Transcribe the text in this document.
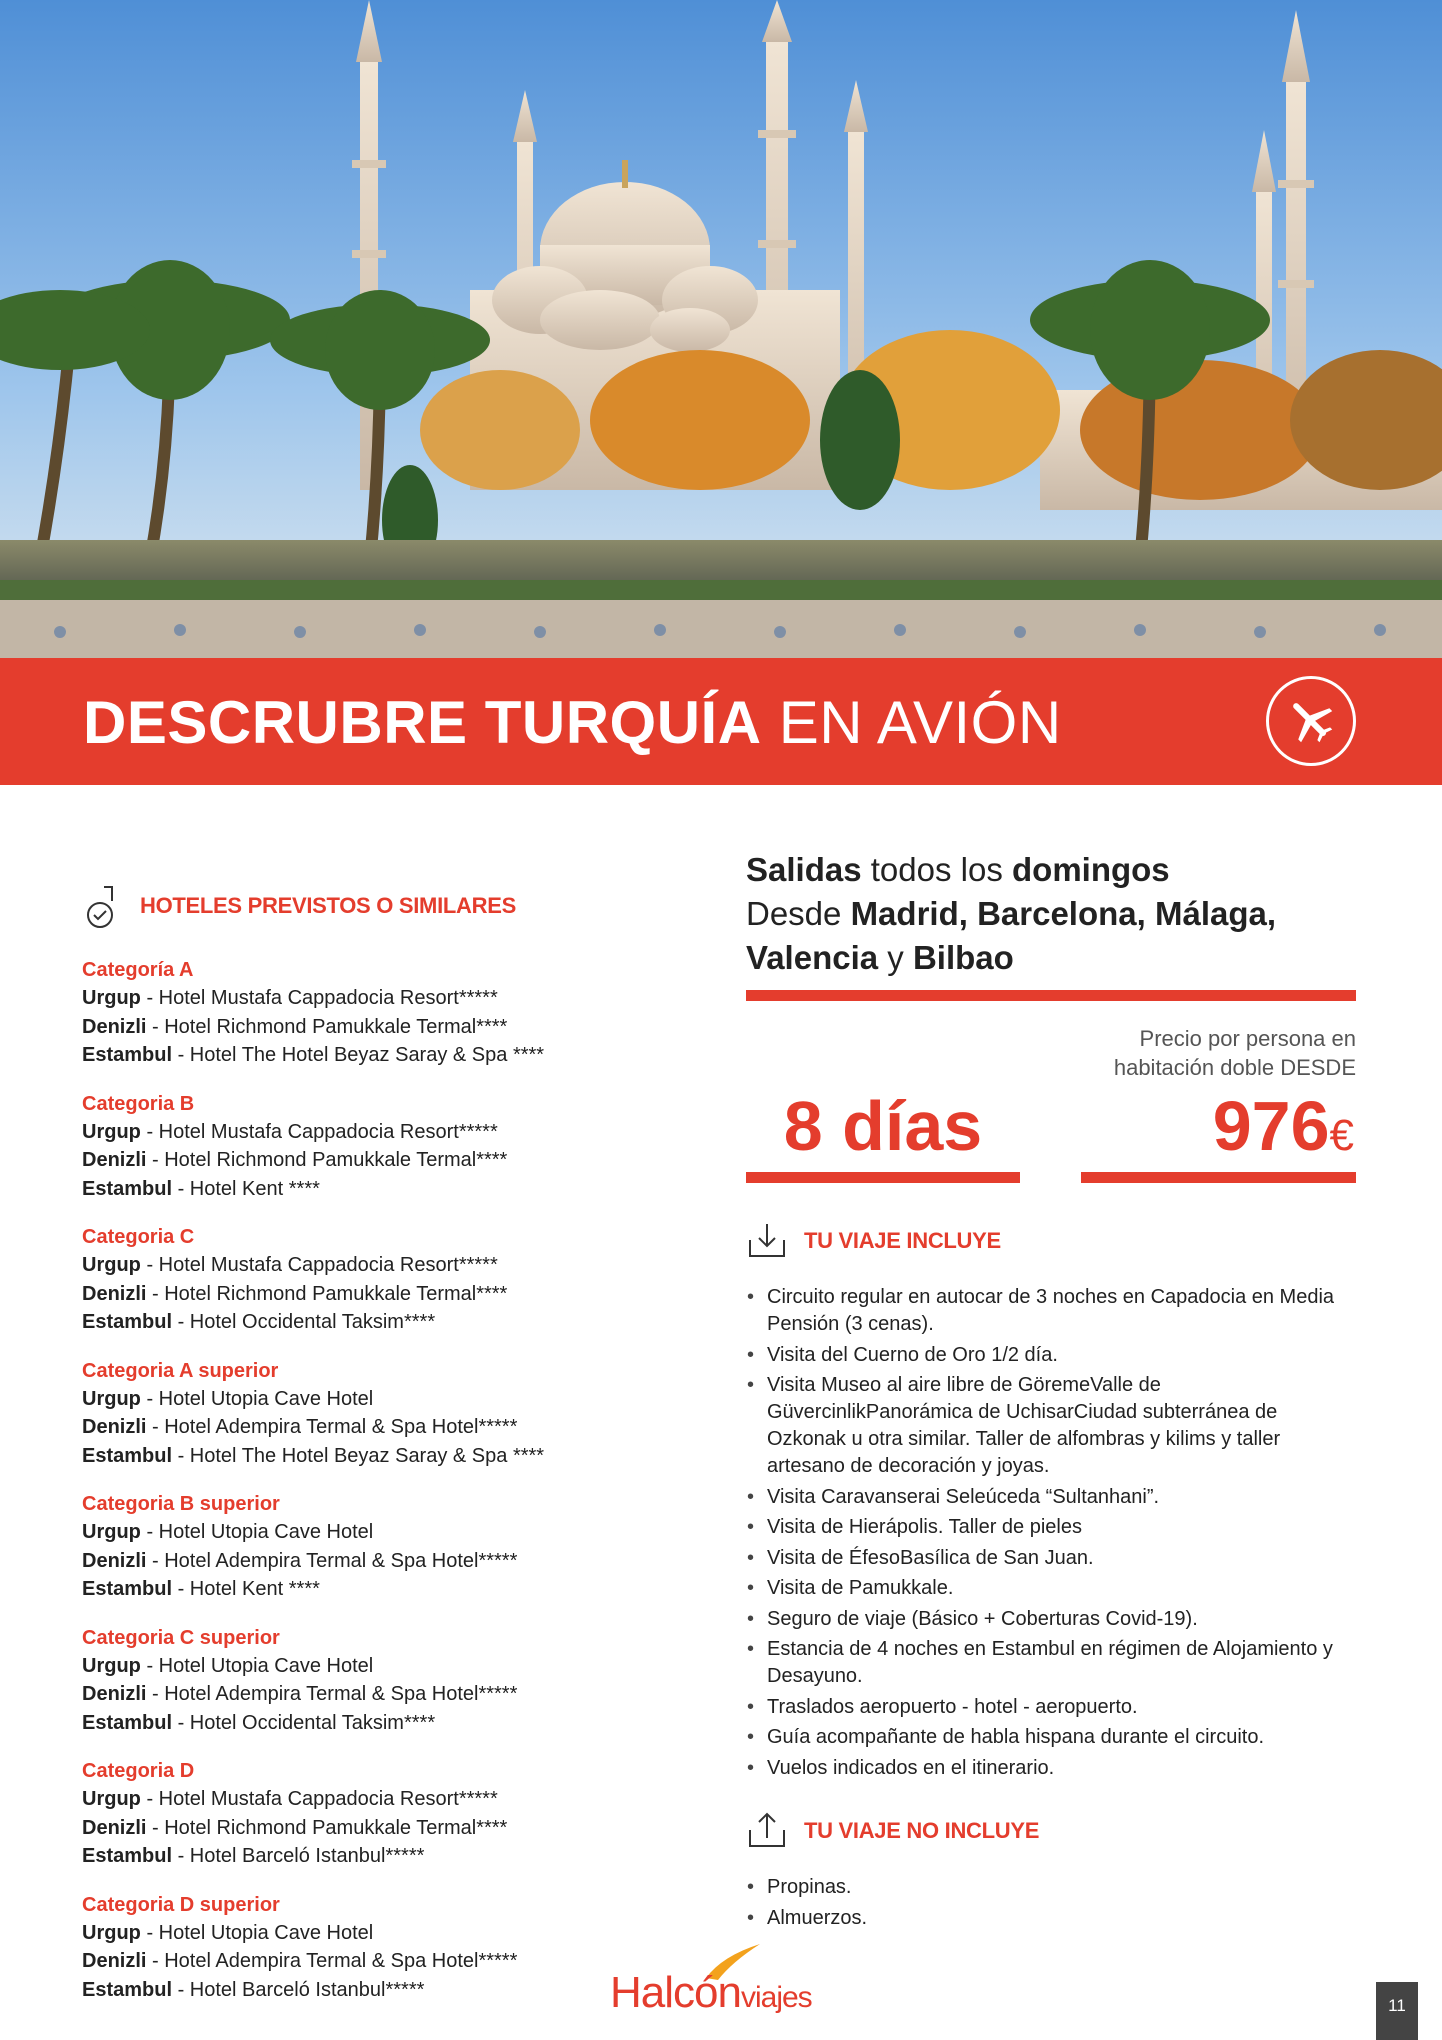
DESCRUBRE TURQUÍA EN AVIÓN
HOTELES PREVISTOS O SIMILARES
Categoría A
Urgup - Hotel Mustafa Cappadocia Resort*****
Denizli - Hotel Richmond Pamukkale Termal****
Estambul - Hotel The Hotel Beyaz Saray & Spa ****
Categoria B
Urgup - Hotel Mustafa Cappadocia Resort*****
Denizli - Hotel Richmond Pamukkale Termal****
Estambul - Hotel Kent ****
Categoria C
Urgup - Hotel Mustafa Cappadocia Resort*****
Denizli - Hotel Richmond Pamukkale Termal****
Estambul - Hotel Occidental Taksim****
Categoria A superior
Urgup - Hotel Utopia Cave Hotel
Denizli - Hotel Adempira Termal & Spa Hotel*****
Estambul - Hotel The Hotel Beyaz Saray & Spa ****
Categoria B superior
Urgup - Hotel Utopia Cave Hotel
Denizli - Hotel Adempira Termal & Spa Hotel*****
Estambul - Hotel Kent ****
Categoria C superior
Urgup - Hotel Utopia Cave Hotel
Denizli - Hotel Adempira Termal & Spa Hotel*****
Estambul - Hotel Occidental Taksim****
Categoria D
Urgup - Hotel Mustafa Cappadocia Resort*****
Denizli - Hotel Richmond Pamukkale Termal****
Estambul - Hotel Barceló Istanbul*****
Categoria D superior
Urgup - Hotel Utopia Cave Hotel
Denizli - Hotel Adempira Termal & Spa Hotel*****
Estambul - Hotel Barceló Istanbul*****
Salidas todos los domingos
Desde Madrid, Barcelona, Málaga,
Valencia y Bilbao
Precio por persona en
habitación doble DESDE
8 días	976€
TU VIAJE INCLUYE
• Circuito regular en autocar de 3 noches en Capadocia en Media Pensión (3 cenas).
• Visita del Cuerno de Oro 1/2 día.
• Visita Museo al aire libre de GöremeValle de GüvercinlikPanorámica de UchisarCiudad subterránea de Ozkonak u otra similar. Taller de alfombras y kilims y taller artesano de decoración y joyas.
• Visita Caravanserai Seleúceda “Sultanhani”.
• Visita de Hierápolis. Taller de pieles
• Visita de ÉfesoBasílica de San Juan.
• Visita de Pamukkale.
• Seguro de viaje (Básico + Coberturas Covid-19).
• Estancia de 4 noches en Estambul en régimen de Alojamiento y Desayuno.
• Traslados aeropuerto - hotel - aeropuerto.
• Guía acompañante de habla hispana durante el circuito.
• Vuelos indicados en el itinerario.
TU VIAJE NO INCLUYE
• Propinas.
• Almuerzos.
Halcónviajes	11
